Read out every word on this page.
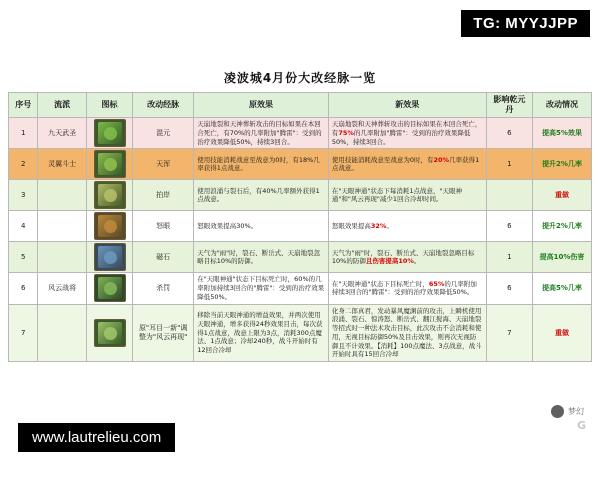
TG: MYYJJPP
凌波城4月份大改经脉一览
序号	流派	图标	改动经脉	原效果	新效果	影响乾元丹	改动情况
1	九天武圣		混元	天崩地裂和天神葬斩攻击的目标如果在本回合死亡，有70%的几率附加"腾雷"：受到的治疗效果降低50%，持续3回合。	天崩地裂和天神葬斩攻击的目标如果在本回合死亡，有75%的几率附加"腾雷"：受到的治疗效果降低50%，持续3回合。	6	提高5%效果
2	灵翼斗士		天浑	使用技能消耗战意至战意为0时，有18%几率获得1点战意。	使用技能消耗战意至战意为0时，有20%几率获得1点战意。	1	提升2%几率
3			拍岸	使用浪涌与裂石后，有40%几率额外获得1点战意。	在"天眼神通"状态下每消耗1点战意，"天眼神通"和"风云再现"减少1回合冷却时间。		重做
4			怒眼	怒眼效果提高30%。	怒眼效果提高32%。	6	提升2%几率
5			磁石	天气为"雨"时，裂石、断岳式、天崩地裂忽略目标10%的防御。	天气为"雨"时，裂石、断岳式、天崩地裂忽略目标10%的防御且伤害提高10%。	1	提高10%伤害
6	风云战将		杀罚	在"天眼神通"状态下目标死亡时，60%的几率附加持续3回合的"腾雷"：受到的治疗效果降低50%。	在"天眼神通"状态下目标死亡时，65%的几率附加持续3回合的"腾雷"：受到的治疗效果降低50%。	6	提高5%几率
7			原"耳目一新"调整为"风云再现"	移除当前天眼神通的增益效果，并两次使用天眼神通，增多获得24秒效果目击，每次获得1点战意，战意上限为3点，消耗300点魔法、1点战意；冷却240秒，战斗开始时有12回合冷却	化身二郎真君，发动暴风魔渊前的攻击，上瞬机使用浪涌、裂石、惊涛怒、断岳式、翻江搅海、天崩地裂等招式时一种法术攻击目标，此次攻击不会消耗和使用，无视目标防御50%及目击效果，则再次无视防御且不计效果。【消耗】100点魔法、3点战意，战斗开始时具有15回合冷却	7	重做
梦幻
G
www.lautrelieu.com
